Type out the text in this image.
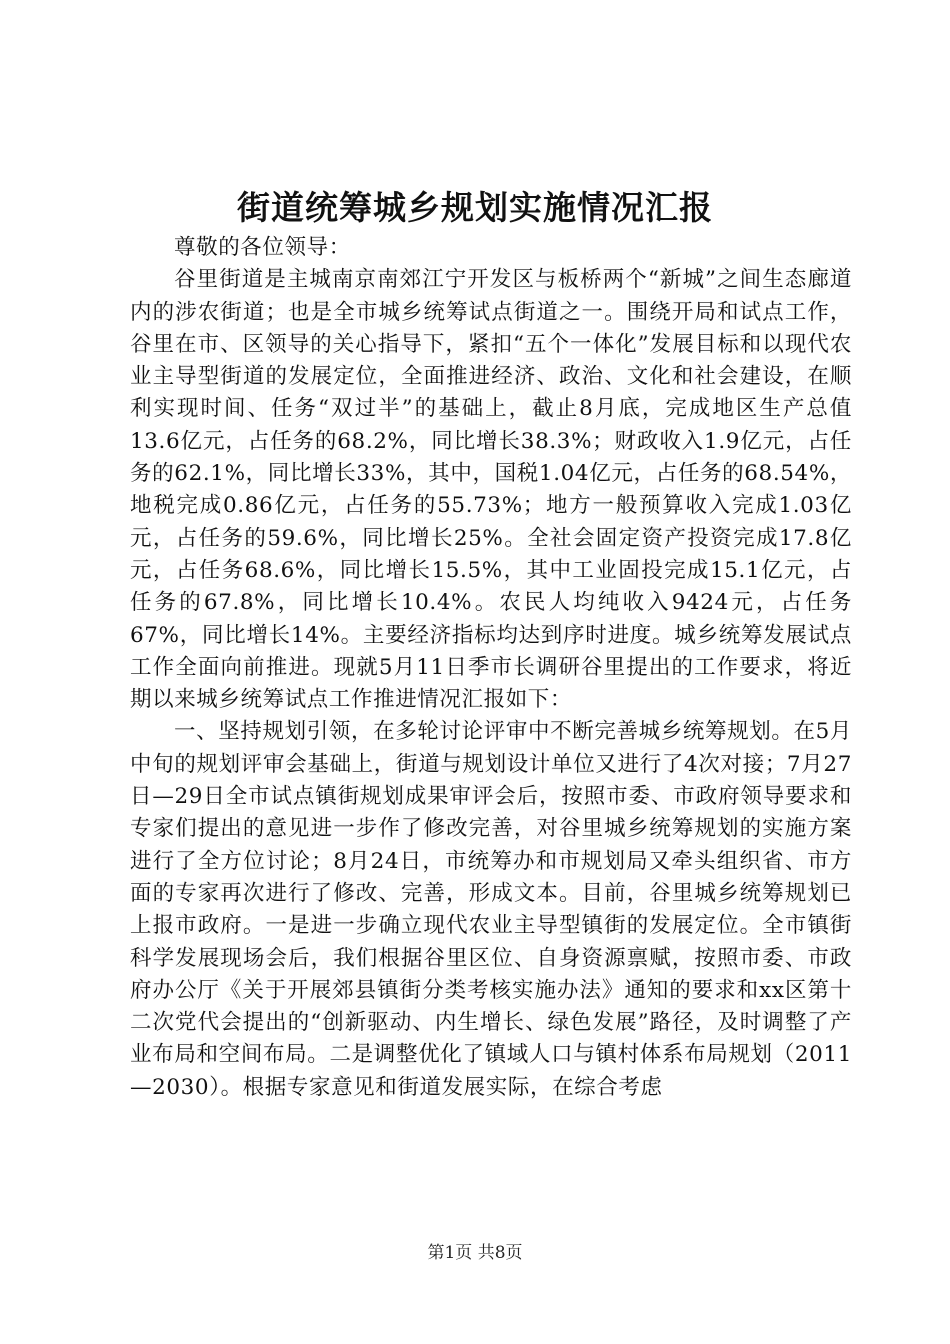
街道统筹城乡规划实施情况汇报

尊敬的各位领导：

谷里街道是主城南京南郊江宁开发区与板桥两个“新城”之间生态廊道内的涉农街道；也是全市城乡统筹试点街道之一。围绕开局和试点工作，谷里在市、区领导的关心指导下，紧扣“五个一体化”发展目标和以现代农业主导型街道的发展定位，全面推进经济、政治、文化和社会建设，在顺利实现时间、任务“双过半”的基础上，截止8月底，完成地区生产总值13.6亿元，占任务的68.2%，同比增长38.3%；财政收入1.9亿元，占任务的62.1%，同比增长33%，其中，国税1.04亿元，占任务的68.54%，地税完成0.86亿元，占任务的55.73%；地方一般预算收入完成1.03亿元，占任务的59.6%，同比增长25%。全社会固定资产投资完成17.8亿元，占任务68.6%，同比增长15.5%，其中工业固投完成15.1亿元，占任务的67.8%，同比增长10.4%。农民人均纯收入9424元，占任务67%，同比增长14%。主要经济指标均达到序时进度。城乡统筹发展试点工作全面向前推进。现就5月11日季市长调研谷里提出的工作要求，将近期以来城乡统筹试点工作推进情况汇报如下：

一、坚持规划引领，在多轮讨论评审中不断完善城乡统筹规划。在5月中旬的规划评审会基础上，街道与规划设计单位又进行了4次对接；7月27日—29日全市试点镇街规划成果审评会后，按照市委、市政府领导要求和专家们提出的意见进一步作了修改完善，对谷里城乡统筹规划的实施方案进行了全方位讨论；8月24日，市统筹办和市规划局又牵头组织省、市方面的专家再次进行了修改、完善，形成文本。目前，谷里城乡统筹规划已上报市政府。一是进一步确立现代农业主导型镇街的发展定位。全市镇街科学发展现场会后，我们根据谷里区位、自身资源禀赋，按照市委、市政府办公厅《关于开展郊县镇街分类考核实施办法》通知的要求和xx区第十二次党代会提出的“创新驱动、内生增长、绿色发展”路径，及时调整了产业布局和空间布局。二是调整优化了镇域人口与镇村体系布局规划（2011—2030）。根据专家意见和街道发展实际，在综合考虑

第1页 共8页
